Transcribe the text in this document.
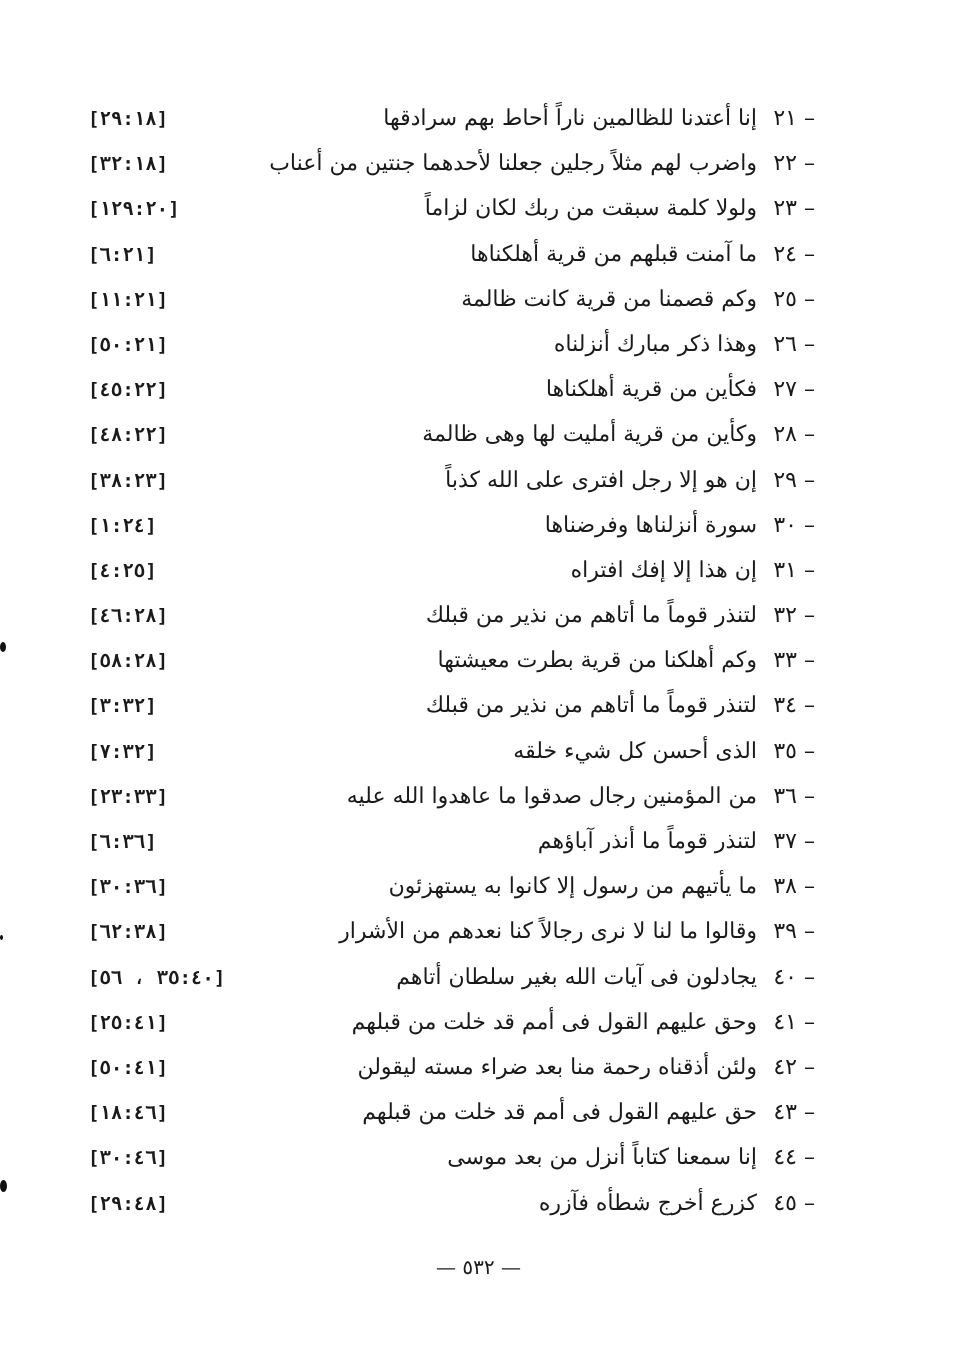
٢١ –
إنا أعتدنا للظالمين ناراً أحاط بهم سرادقها
[٢٩:١٨]
٢٢ –
واضرب لهم مثلاً رجلين جعلنا لأحدهما جنتين من أعناب
[٣٢:١٨]
٢٣ –
ولولا كلمة سبقت من ربك لكان لزاماً
[١٢٩:٢٠]
٢٤ –
ما آمنت قبلهم من قرية أهلكناها
[٦:٢١]
٢٥ –
وكم قصمنا من قرية كانت ظالمة
[١١:٢١]
٢٦ –
وهذا ذكر مبارك أنزلناه
[٥٠:٢١]
٢٧ –
فكأين من قرية أهلكناها
[٤٥:٢٢]
٢٨ –
وكأين من قرية أمليت لها وهى ظالمة
[٤٨:٢٢]
٢٩ –
إن هو إلا رجل افترى على الله كذباً
[٣٨:٢٣]
٣٠ –
سورة أنزلناها وفرضناها
[١:٢٤]
٣١ –
إن هذا إلا إفك افتراه
[٤:٢٥]
٣٢ –
لتنذر قوماً ما أتاهم من نذير من قبلك
[٤٦:٢٨]
٣٣ –
وكم أهلكنا من قرية بطرت معيشتها
[٥٨:٢٨]
٣٤ –
لتنذر قوماً ما أتاهم من نذير من قبلك
[٣:٣٢]
٣٥ –
الذى أحسن كل شيء خلقه
[٧:٣٢]
٣٦ –
من المؤمنين رجال صدقوا ما عاهدوا الله عليه
[٢٣:٣٣]
٣٧ –
لتنذر قوماً ما أنذر آباؤهم
[٦:٣٦]
٣٨ –
ما يأتيهم من رسول إلا كانوا به يستهزئون
[٣٠:٣٦]
٣٩ –
وقالوا ما لنا لا نرى رجالاً كنا نعدهم من الأشرار
[٦٢:٣٨]
٤٠ –
يجادلون فى آيات الله بغير سلطان أتاهم
[٣٥:٤٠ ، ٥٦]
٤١ –
وحق عليهم القول فى أمم قد خلت من قبلهم
[٢٥:٤١]
٤٢ –
ولئن أذقناه رحمة منا بعد ضراء مسته ليقولن
[٥٠:٤١]
٤٣ –
حق عليهم القول فى أمم قد خلت من قبلهم
[١٨:٤٦]
٤٤ –
إنا سمعنا كتاباً أنزل من بعد موسى
[٣٠:٤٦]
٤٥ –
كزرع أخرج شطأه فآزره
[٢٩:٤٨]
— ٥٣٢ —
